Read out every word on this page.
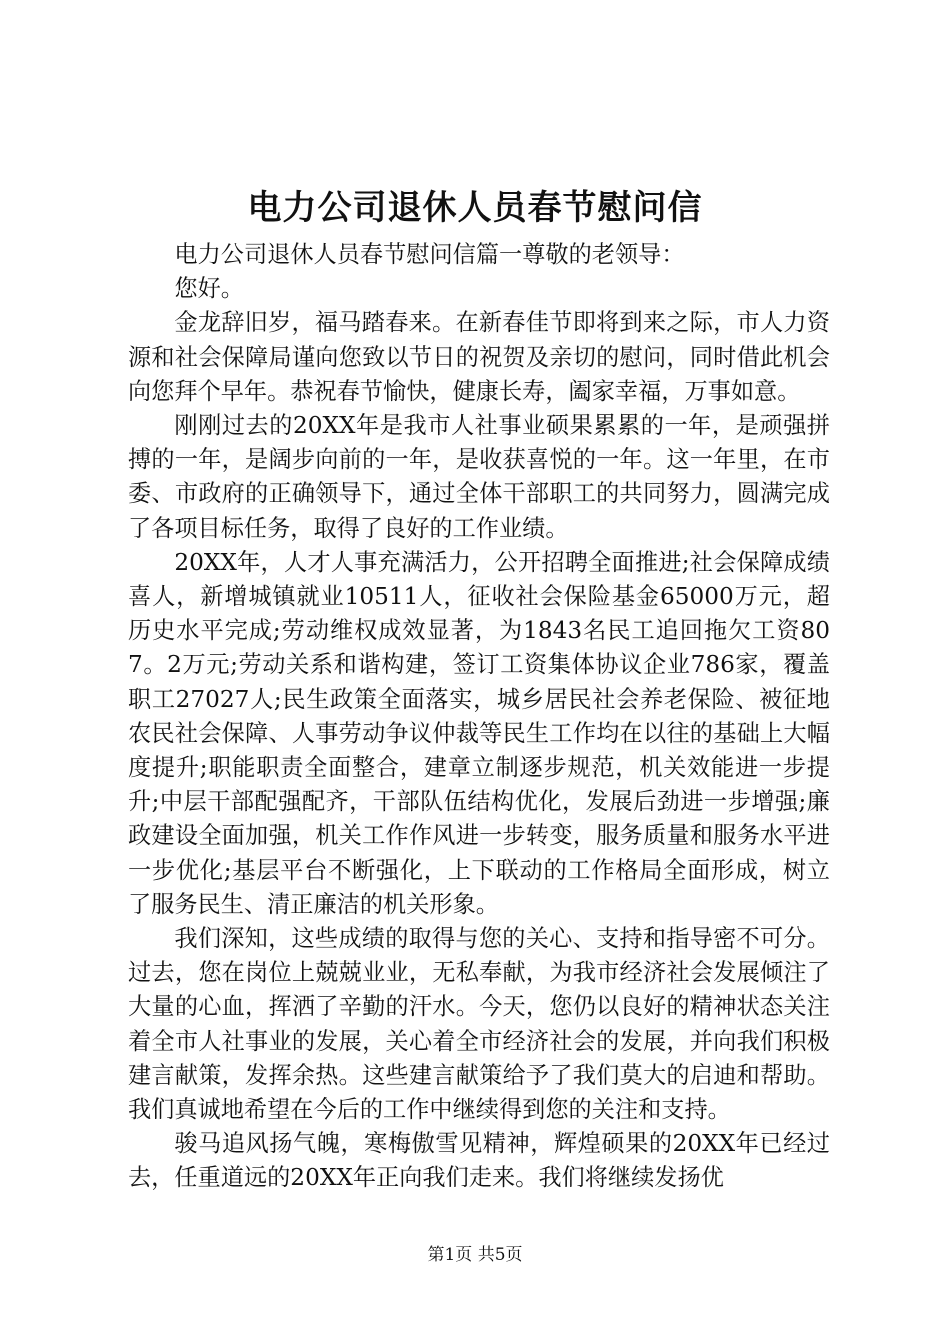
电力公司退休人员春节慰问信

电力公司退休人员春节慰问信篇一尊敬的老领导：

您好。

金龙辞旧岁，福马踏春来。在新春佳节即将到来之际，市人力资源和社会保障局谨向您致以节日的祝贺及亲切的慰问，同时借此机会向您拜个早年。恭祝春节愉快，健康长寿，阖家幸福，万事如意。

刚刚过去的20XX年是我市人社事业硕果累累的一年，是顽强拼搏的一年，是阔步向前的一年，是收获喜悦的一年。这一年里，在市委、市政府的正确领导下，通过全体干部职工的共同努力，圆满完成了各项目标任务，取得了良好的工作业绩。

20XX年，人才人事充满活力，公开招聘全面推进;社会保障成绩喜人，新增城镇就业10511人，征收社会保险基金65000万元，超历史水平完成;劳动维权成效显著，为1843名民工追回拖欠工资807。2万元;劳动关系和谐构建，签订工资集体协议企业786家，覆盖职工27027人;民生政策全面落实，城乡居民社会养老保险、被征地农民社会保障、人事劳动争议仲裁等民生工作均在以往的基础上大幅度提升;职能职责全面整合，建章立制逐步规范，机关效能进一步提升;中层干部配强配齐，干部队伍结构优化，发展后劲进一步增强;廉政建设全面加强，机关工作作风进一步转变，服务质量和服务水平进一步优化;基层平台不断强化，上下联动的工作格局全面形成，树立了服务民生、清正廉洁的机关形象。

我们深知，这些成绩的取得与您的关心、支持和指导密不可分。过去，您在岗位上兢兢业业，无私奉献，为我市经济社会发展倾注了大量的心血，挥洒了辛勤的汗水。今天，您仍以良好的精神状态关注着全市人社事业的发展，关心着全市经济社会的发展，并向我们积极建言献策，发挥余热。这些建言献策给予了我们莫大的启迪和帮助。我们真诚地希望在今后的工作中继续得到您的关注和支持。

骏马追风扬气魄，寒梅傲雪见精神，辉煌硕果的20XX年已经过去，任重道远的20XX年正向我们走来。我们将继续发扬优

第1页 共5页
